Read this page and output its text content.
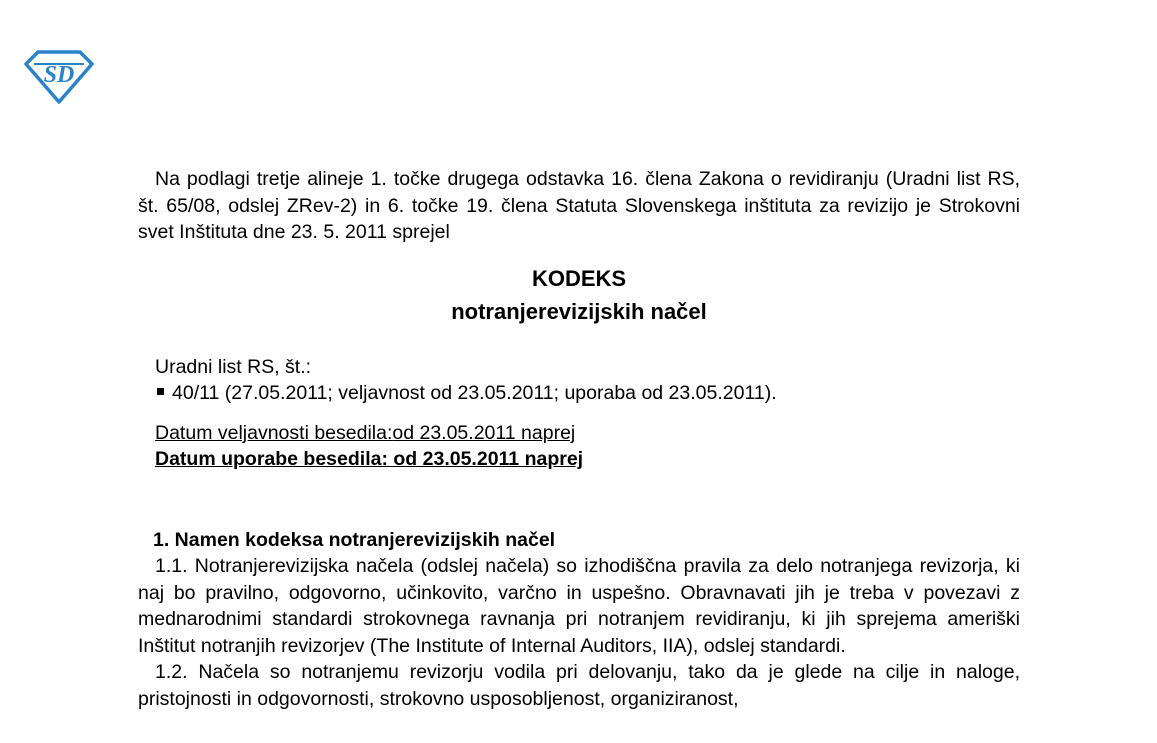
SD

Na podlagi tretje alineje 1. točke drugega odstavka 16. člena Zakona o revidiranju (Uradni list RS, št. 65/08, odslej ZRev-2) in 6. točke 19. člena Statuta Slovenskega inštituta za revizijo je Strokovni svet Inštituta dne 23. 5. 2011 sprejel

KODEKS

notranjerevizijskih načel

Uradni list RS, št.:

40/11 (27.05.2011; veljavnost od 23.05.2011; uporaba od 23.05.2011).

Datum veljavnosti besedila:od 23.05.2011 naprej

Datum uporabe besedila: od 23.05.2011 naprej

1. Namen kodeksa notranjerevizijskih načel

1.1. Notranjerevizijska načela (odslej načela) so izhodiščna pravila za delo notranjega revizorja, ki naj bo pravilno, odgovorno, učinkovito, varčno in uspešno. Obravnavati jih je treba v povezavi z mednarodnimi standardi strokovnega ravnanja pri notranjem revidiranju, ki jih sprejema ameriški Inštitut notranjih revizorjev (The Institute of Internal Auditors, IIA), odslej standardi.

1.2. Načela so notranjemu revizorju vodila pri delovanju, tako da je glede na cilje in naloge, pristojnosti in odgovornosti, strokovno usposobljenost, organiziranost,
